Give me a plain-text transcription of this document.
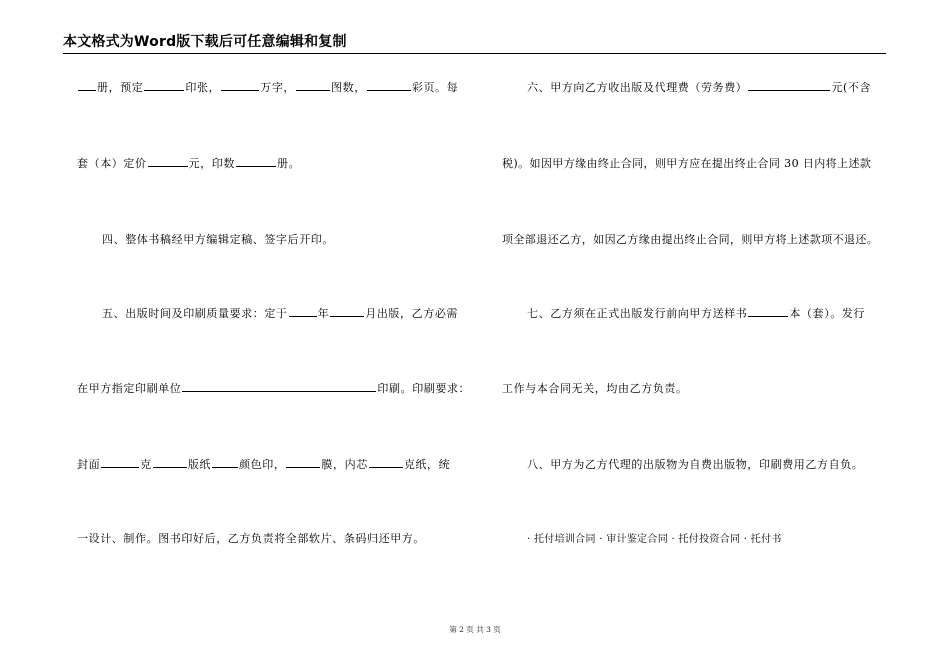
本文格式为Word版下载后可任意编辑和复制
册，预定	印张，	万字，	图数，	彩页。每
套（本）定价	元，印数	册。
四、整体书稿经甲方编辑定稿、签字后开印。
五、出版时间及印刷质量要求：定于	年	月出版，乙方必需
在甲方指定印刷单位	印刷。印刷要求：
封面	克	版纸	颜色印，	膜，内芯	克纸，统
一设计、制作。图书印好后，乙方负责将全部软片、条码归还甲方。
六、甲方向乙方收出版及代理费（劳务费）	元(不含
税)。如因甲方缘由终止合同，则甲方应在提出终止合同 30 日内将上述款
项全部退还乙方，如因乙方缘由提出终止合同，则甲方将上述款项不退还。
七、乙方须在正式出版发行前向甲方送样书	本（套）。发行
工作与本合同无关，均由乙方负责。
八、甲方为乙方代理的出版物为自费出版物，印刷费用乙方自负。
· 托付培训合同 · 审计鉴定合同 · 托付投资合同 · 托付书
第 2 页 共 3 页
